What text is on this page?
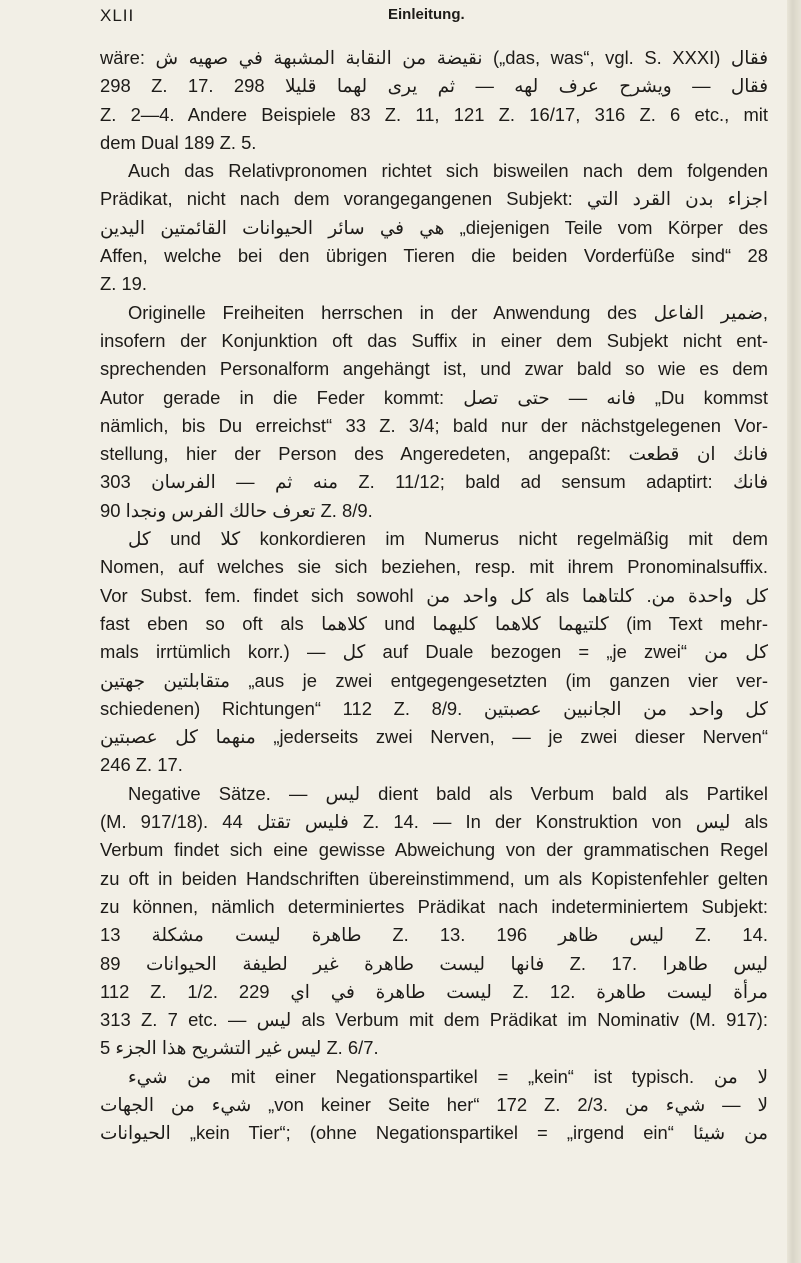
XLII	Einleitung.
wäre: نقيضة من النقابة المشبهة في صهيه ش („das, was“, vgl. S. XXXI) فقال
298 Z. 17. فقال — ويشرح عرف لهه — ثم يرى لهما قليلا 298
Z. 2—4. Andere Beispiele 83 Z. 11, 121 Z. 16/17, 316 Z. 6 etc., mit
dem Dual 189 Z. 5.
Auch das Relativpronomen richtet sich bisweilen nach dem folgenden
Prädikat, nicht nach dem vorangegangenen Subjekt: اجزاء بدن القرد التي
هي في سائر الحيوانات القائمتين اليدين „diejenigen Teile vom Körper des
Affen, welche bei den übrigen Tieren die beiden Vorderfüße sind“ 28
Z. 19.
Originelle Freiheiten herrschen in der Anwendung des ضمير الفاعل,
insofern der Konjunktion oft das Suffix in einer dem Subjekt nicht ent-
sprechenden Personalform angehängt ist, und zwar bald so wie es dem
Autor gerade in die Feder kommt: فانه — حتى تصل „Du kommst
nämlich, bis Du erreichst“ 33 Z. 3/4; bald nur der nächstgelegenen Vor-
stellung, hier der Person des Angeredeten, angepaßt: فانك ان قطعت
منه ثم — الفرسان 303 Z. 11/12; bald ad sensum adaptirt: فانك
تعرف حالك الفرس ونجدا 90 Z. 8/9.
كل und كلا konkordieren im Numerus nicht regelmäßig mit dem
Nomen, auf welches sie sich beziehen, resp. mit ihrem Pronominalsuffix.
Vor Subst. fem. findet sich sowohl كل واحد من als كل واحدة من. كلتاهما
fast eben so oft als كلاهما und كلتيهما كلاهما كليهما (im Text mehr-
mals irrtümlich korr.) — كل auf Duale bezogen = „je zwei“ كل من
متقابلتين جهتين „aus je zwei entgegengesetzten (im ganzen vier ver-
schiedenen) Richtungen“ 112 Z. 8/9. كل واحد من الجانبين عصبتين
منهما كل عصبتين „jederseits zwei Nerven, — je zwei dieser Nerven“
246 Z. 17.
Negative Sätze. — ليس dient bald als Verbum bald als Partikel
(M. 917/18). فليس تقتل 44 Z. 14. — In der Konstruktion von ليس als
Verbum findet sich eine gewisse Abweichung von der grammatischen Regel
zu oft in beiden Handschriften übereinstimmend, um als Kopistenfehler gelten
zu können, nämlich determiniertes Prädikat nach indeterminiertem Subjekt:
طاهرة ليست مشكلة 13 Z. 13. ليس ظاهر 196 Z. 14.
فانها ليست طاهرة غير لطيفة الحيوانات 89 Z. 17. ليس طاهرا
112 Z. 1/2. ليست طاهرة في اي 229 Z. 12. مرأة ليست طاهرة
313 Z. 7 etc. — ليس als Verbum mit dem Prädikat im Nominativ (M. 917):
ليس غير التشريح هذا الجزء 5 Z. 6/7.
من شيء mit einer Negationspartikel = „kein“ ist typisch. لا من
شيء من الجهات „von keiner Seite her“ 172 Z. 2/3. لا — شيء من
الحيوانات „kein Tier“; (ohne Negationspartikel = „irgend ein“ من شيئا
